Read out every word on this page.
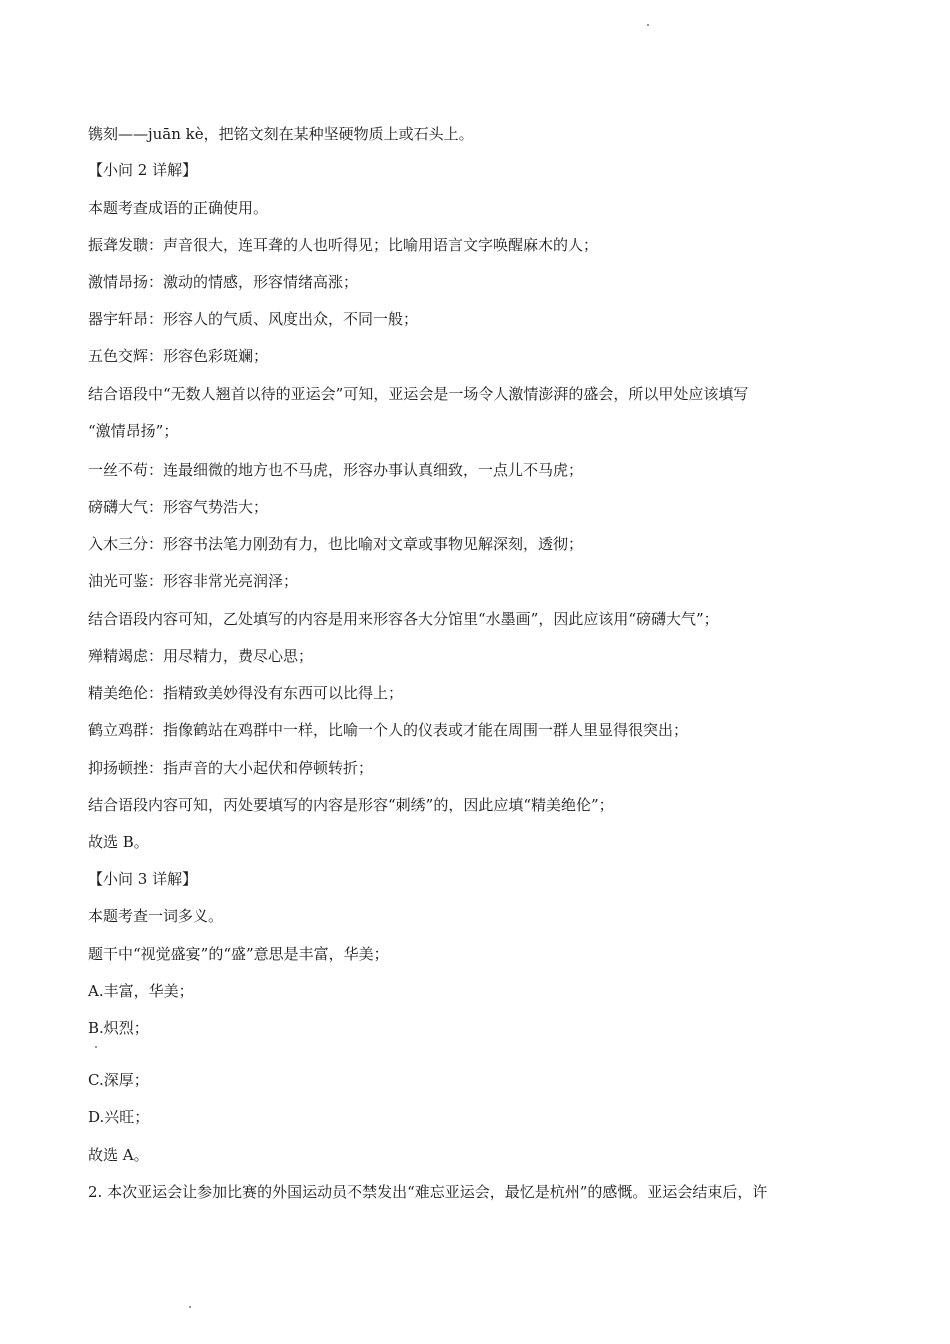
镌刻——juān kè，把铭文刻在某种坚硬物质上或石头上。
【小问 2 详解】
本题考查成语的正确使用。
振聋发聩：声音很大，连耳聋的人也听得见；比喻用语言文字唤醒麻木的人；
激情昂扬：激动的情感，形容情绪高涨；
器宇轩昂：形容人的气质、风度出众，不同一般；
五色交辉：形容色彩斑斓；
结合语段中“无数人翘首以待的亚运会”可知，亚运会是一场令人激情澎湃的盛会，所以甲处应该填写
“激情昂扬”；
一丝不苟：连最细微的地方也不马虎，形容办事认真细致，一点儿不马虎；
磅礴大气：形容气势浩大；
入木三分：形容书法笔力刚劲有力，也比喻对文章或事物见解深刻，透彻；
油光可鉴：形容非常光亮润泽；
结合语段内容可知，乙处填写的内容是用来形容各大分馆里“水墨画”，因此应该用“磅礴大气”；
殚精竭虑：用尽精力，费尽心思；
精美绝伦：指精致美妙得没有东西可以比得上；
鹤立鸡群：指像鹤站在鸡群中一样，比喻一个人的仪表或才能在周围一群人里显得很突出；
抑扬顿挫：指声音的大小起伏和停顿转折；
结合语段内容可知，丙处要填写的内容是形容“刺绣”的，因此应填“精美绝伦”；
故选 B。
【小问 3 详解】
本题考查一词多义。
题干中“视觉盛宴”的“盛”意思是丰富，华美；
A.丰富，华美；
B.炽烈；
C.深厚；
D.兴旺；
故选 A。
2. 本次亚运会让参加比赛的外国运动员不禁发出“难忘亚运会，最忆是杭州”的感慨。亚运会结束后，许
